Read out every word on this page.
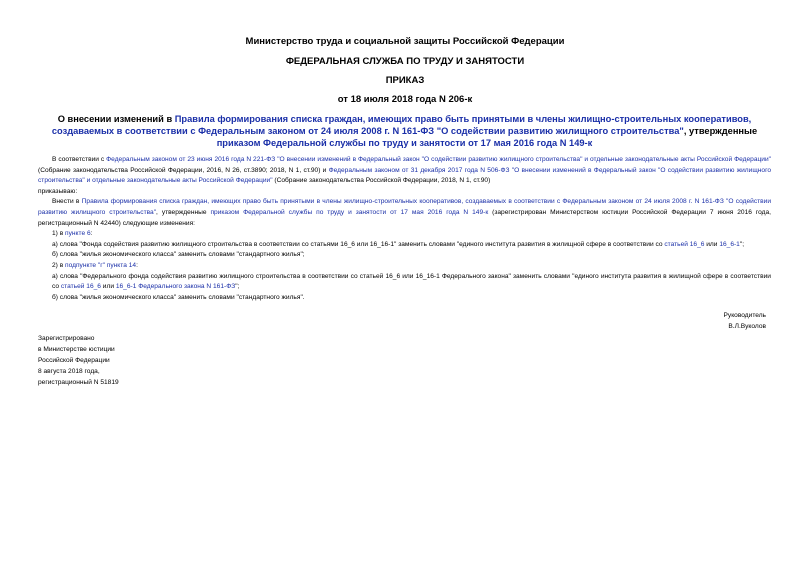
Министерство труда и социальной защиты Российской Федерации
ФЕДЕРАЛЬНАЯ СЛУЖБА ПО ТРУДУ И ЗАНЯТОСТИ
ПРИКАЗ
от 18 июля 2018 года N 206-к
О внесении изменений в Правила формирования списка граждан, имеющих право быть принятыми в члены жилищно-строительных кооперативов, создаваемых в соответствии с Федеральным законом от 24 июля 2008 г. N 161-ФЗ "О содействии развитию жилищного строительства", утвержденные приказом Федеральной службы по труду и занятости от 17 мая 2016 года N 149-к

В соответствии с Федеральным законом от 23 июня 2016 года N 221-ФЗ "О внесении изменений в Федеральный закон "О содействии развитию жилищного строительства" и отдельные законодательные акты Российской Федерации" (Собрание законодательства Российской Федерации, 2016, N 26, ст.3890; 2018, N 1, ст.90) и Федеральным законом от 31 декабря 2017 года N 506-ФЗ "О внесении изменений в Федеральный закон "О содействии развитию жилищного строительства" и отдельные законодательные акты Российской Федерации" (Собрание законодательства Российской Федерации, 2018, N 1, ст.90)

приказываю:

Внести в Правила формирования списка граждан, имеющих право быть принятыми в члены жилищно-строительных кооперативов, создаваемых в соответствии с Федеральным законом от 24 июля 2008 г. N 161-ФЗ "О содействии развитию жилищного строительства", утвержденные приказом Федеральной службы по труду и занятости от 17 мая 2016 года N 149-к (зарегистрирован Министерством юстиции Российской Федерации 7 июня 2016 года, регистрационный N 42440) следующие изменения:

1) в пункте 6:

а) слова "Фонда содействия развитию жилищного строительства в соответствии со статьями 16_6 или 16_16-1" заменить словами "единого института развития в жилищной сфере в соответствии со статьей 16_6 или 16_6-1";

б) слова "жилья экономического класса" заменить словами "стандартного жилья";

2) в подпункте "г" пункта 14:

а) слова "Федерального фонда содействия развитию жилищного строительства в соответствии со статьей 16_6 или 16_16-1 Федерального закона" заменить словами "единого института развития в жилищной сфере в соответствии со статьей 16_6 или 16_6-1 Федерального закона N 161-ФЗ";

б) слова "жилья экономического класса" заменить словами "стандартного жилья".

Руководитель
В.Л.Вуколов
Зарегистрировано
в Министерстве юстиции
Российской Федерации
8 августа 2018 года,
регистрационный N 51819
